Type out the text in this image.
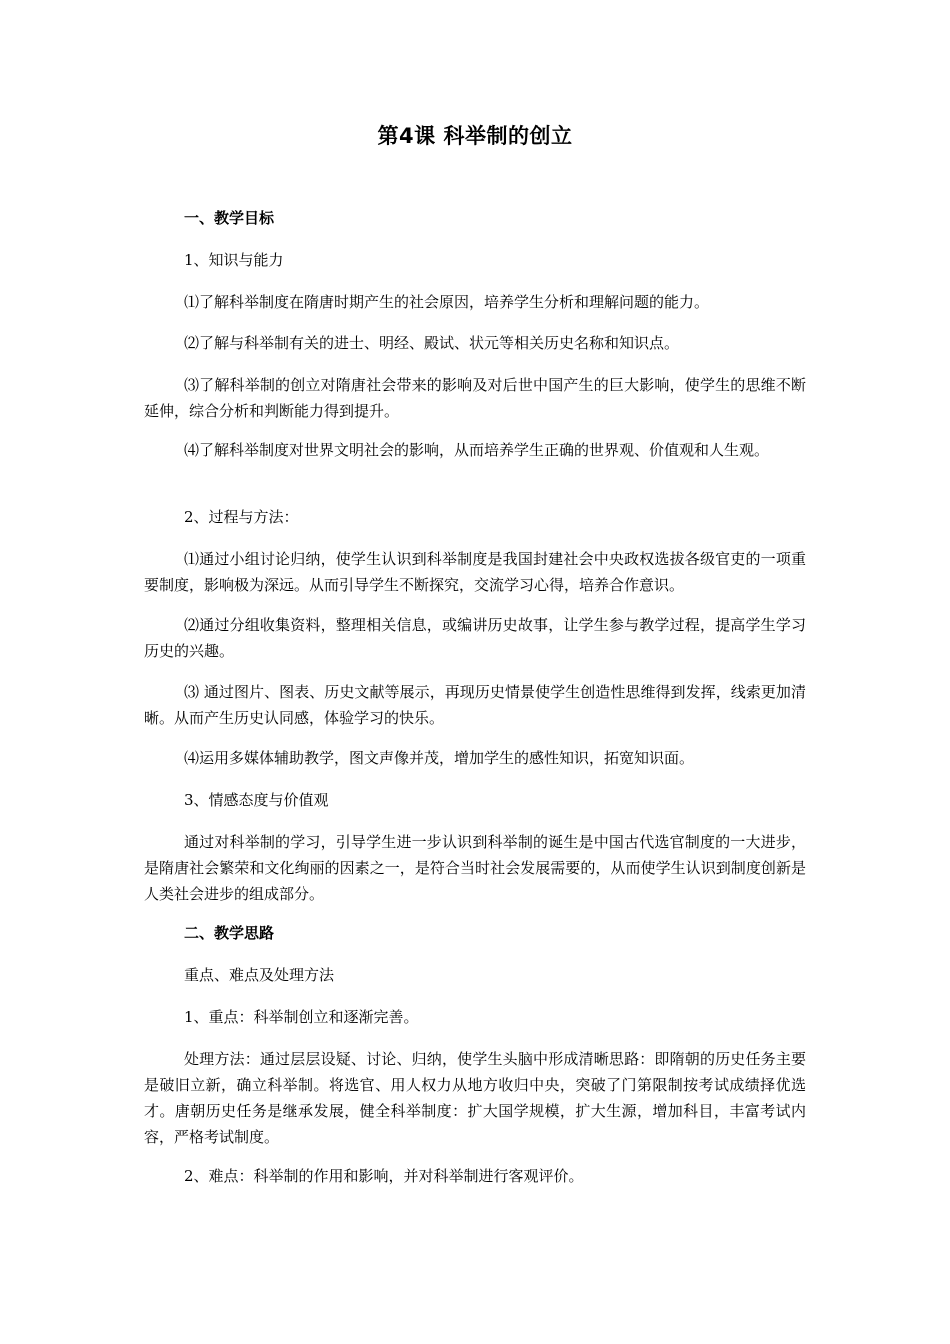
第4课 科举制的创立

一、教学目标

1、知识与能力

⑴了解科举制度在隋唐时期产生的社会原因，培养学生分析和理解问题的能力。

⑵了解与科举制有关的进士、明经、殿试、状元等相关历史名称和知识点。

⑶了解科举制的创立对隋唐社会带来的影响及对后世中国产生的巨大影响，使学生的思维不断延伸，综合分析和判断能力得到提升。

⑷了解科举制度对世界文明社会的影响，从而培养学生正确的世界观、价值观和人生观。

2、过程与方法：

⑴通过小组讨论归纳，使学生认识到科举制度是我国封建社会中央政权选拔各级官吏的一项重要制度，影响极为深远。从而引导学生不断探究，交流学习心得，培养合作意识。

⑵通过分组收集资料，整理相关信息，或编讲历史故事，让学生参与教学过程，提高学生学习历史的兴趣。

⑶ 通过图片、图表、历史文献等展示，再现历史情景使学生创造性思维得到发挥，线索更加清晰。从而产生历史认同感，体验学习的快乐。

⑷运用多媒体辅助教学，图文声像并茂，增加学生的感性知识，拓宽知识面。

3、情感态度与价值观

通过对科举制的学习，引导学生进一步认识到科举制的诞生是中国古代选官制度的一大进步，是隋唐社会繁荣和文化绚丽的因素之一，是符合当时社会发展需要的，从而使学生认识到制度创新是人类社会进步的组成部分。

二、教学思路

重点、难点及处理方法

1、重点：科举制创立和逐渐完善。

处理方法：通过层层设疑、讨论、归纳，使学生头脑中形成清晰思路：即隋朝的历史任务主要是破旧立新，确立科举制。将选官、用人权力从地方收归中央，突破了门第限制按考试成绩择优选才。唐朝历史任务是继承发展，健全科举制度：扩大国学规模，扩大生源，增加科目，丰富考试内容，严格考试制度。

2、难点：科举制的作用和影响，并对科举制进行客观评价。
